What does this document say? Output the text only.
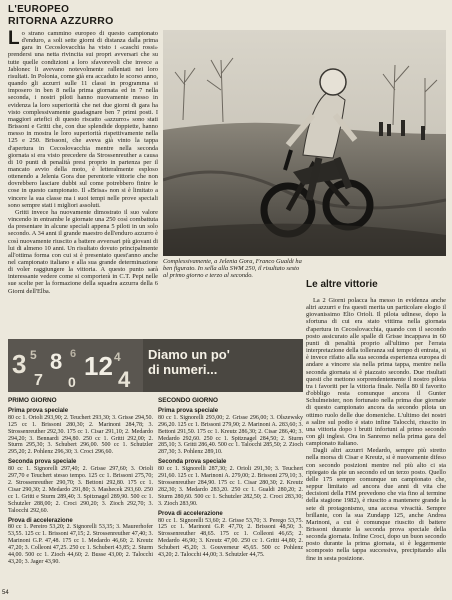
L'EUROPEO
RITORNA AZZURRO
L o strano cammino europeo di questo campionato d'enduro, a soli sette giorni di distanza dalla prima gara in Cecoslovacchia ha visto i «caschi rossi» prendersi una netta rivincita sui propri avversari che su tutte quelle condizioni a loro sfavorevoli che invece a Jablonec li avevano notevolmente rallentati nei loro risultati. In Polonia, come già era accaduto le scorso anno, quando gli azzurri sulle 11 classi in programma si imposero in ben 8 nella prima giornata ed in 7 nella seconda, i nostri piloti hanno nuovamente messo in evidenza la loro superiorità che nei due giorni di gara ha visto complessivamente guadagnare ben 7 primi posti. I maggiori artefici di questo riscatto «azzurro» sono stati Brissoni e Gritti che, con due splendide doppiette, hanno messo in mostra le loro superiorità rispettivamente nella 125 e 250. Brissoni, che aveva già vinto la tappa d'apertura in Cecoslovacchia mentre nella seconda giornata si era visto precedere da Strossenreuther a causa di 10 punti di penalità presi proprio in partenza per il mancato avvio della moto, è letteralmente esploso ottenendo a Jelenia Gora due perentorie vittorie che non dovrebbero lasciare dubbi sul come potrebbero finire le cose in questo campionato. Il «Brisa» non si è limitato a vincere la sua classe ma i suoi tempi nelle prove speciali sono sempre stati i migliori assoluti.

Gritti invece ha nuovamente dimostrato il suo valore vincendo in entrambe le giornate una 250 così combattuta da presentare in alcune speciali appena 5 piloti in un solo secondo. A 34 anni il grande maestro dell'enduro azzurro è così nuovamente riuscito a battere avversari più giovani di lui di almeno 10 anni. Un risultato dovuto principalmente all'ottima forma con cui si è presentato quest'anno anche nel campionato italiano e alla sua grande determinazione di voler raggiungere la vittoria. A questo punto sarà interessante vedere come si comporterà in C.T. Pepi nelle sue scelte per la formazione della squadra azzurra della 6 Giorni dell'Elba.

Complessivamente, a Jelenia Gora, Franco Gualdi ha ben figurato. In sella alla SWM 250, il risultato sesto al primo giorno e terzo al secondo.
Le altre vittorie

La 2 Giorni polacca ha messo in evidenza anche altri azzurri e fra questi merita un particolare elogio il giovanissimo Elio Orioli. Il pilota udinese, dopo la sfortuna di cui era stato vittima nella giornata d'apertura in Cecoslovacchia, quando con il secondo posto assicurato alle spalle di Grisse incappava in 60 punti di penalità proprio all'ultimo per l'errata interpretazione della tolleranza sul tempo di entrata, si è invece rifatto alla sua seconda esperienza europea di andare a vincere sia nella prima tappa, mentre nella seconda giornata si è piazzato secondo. Due risultati questi che mettono sorprendentemente il nostro pilota tra i favoriti per la vittoria finale. Nella 80 il favorito d'obbligo resta comunque ancora il Gunter Schulmeister, non fortunato nella prima due giornate di questo campionato ancora da secondo pilota un ottimo ruolo delle due domeniche. L'ultimo dei nostri a salire sul podio è stato infine Talocchi, riuscito in una vittoria dopo i brutti infortuni al primo secondo con gli inglesi. Ora in Sanremo nella prima gara del campionato italiano.

Dagli altri azzurri Medardo, sempre più stretto nella morsa di Cisar e Kreutz, si è nuovamente difeso con secondo posizioni mentre nel più alto ci sta ripiegato da pie un secondo ed un terzo posto. Quello delle 175 sempre comunque un campionato che, seppur limitato ad ancora due anni di vita che decisioni della FIM prevedono che via fino al termine della stagione 1982), è riuscito a mantenere grande la sete di protagonismo, una accesa vivacità. Sempre brillante, con la sua Zundapp 125, anche Andrea Marinoni, a cui è comunque riuscito di battere Brissoni durante la seconda prova speciale della seconda giornata. Infine Croci, dopo un buon secondo posto durante la prima giornata, si è leggermente scomposto nella tappa successiva, precipitando alla fine in sesta posizione.

3 5
7
8 6
0
12 4
4
Diamo un po'
di numeri...
PRIMO GIORNO
Prima prova speciale
80 cc 1. Orioli 293,90; 2. Teuchert 293,30; 3. Grisse 294,50. 125 cc 1. Brissoni 280,30; 2. Marinoni 284,78; 3. Strossenreuther 292,30. 175 cc 1. Cisar 291,10; 2. Medardo 294,20; 3. Bennardi 294,80. 250 cc 1. Gritti 292,00; 2. Sturm 295,30; 3. Schubert 296,00. 500 cc 1. Schutzler 295,20; 2. Pohlenz 296,30; 3. Croci 296,60.
Seconda prova speciale
80 cc 1. Signorelli 297,40; 2. Grisse 297,60; 3. Orioli 297,70 e Teuchert stesso tempo. 125 cc 1. Brissoni 275,70; 2. Strossenreuther 290,70; 3. Bettoni 292,80. 175 cc 1. Cisar 290,30; 2. Medardo 291,80; 3. Mashecek 293,60. 250 cc 1. Gritti e Sturm 289,40; 3. Spitznagel 289,90. 500 cc 1. Schutzler 288,00; 2. Croci 290,20; 3. Zioch 292,70; 3. Talocchi 292,60.
Prova di accelerazione
80 cc 1. Pereiro 53,20; 2. Signorelli 53,35; 3. Maurerhofer 53,55. 125 cc 1. Brissoni 47,15; 2. Strossenreuther 47,40; 3. Marinoni G.P. 47,48. 175 cc 1. Medardo 46,60; 2. Kreutz 47,20; 3. Colleoni 47,25. 250 cc 1. Schubert 43,85; 2. Sturm 44,00. 500 cc 1. Zioch 44,60; 2. Busse 43,00; 2. Talocchi 43,20; 3. Jager 43,90.
SECONDO GIORNO
Prima prova speciale
80 cc 1. Signorelli 293,00; 2. Grisse 296,00; 3. Olszewsky 296,20. 125 cc 1. Brissoni 279,90; 2. Marinoni A. 283,60; 3. Bettoni 291,50. 175 cc 1. Kreutz 286,30; 2. Cisar 286,40; 3. Medardo 292,60. 250 cc 1. Spitznagel 284,50; 2. Sturm 285,10; 3. Gritti 286,40. 500 cc 1. Talocchi 285,50; 2. Zioch 287,30; 3. Pohlenz 289,10.
Seconda prova speciale
80 cc 1. Signorelli 287,30; 2. Orioli 291,30; 3. Teuchert 291,60. 125 cc 1. Marinoni A. 279,00; 2. Brissoni 279,10; 3. Strossenreuther 284,90. 175 cc 1. Cisar 280,30; 2. Kreutz 282,30; 3. Medardo 283,20. 250 cc 1. Gualdi 280,20; 2. Sturm 280,60. 500 cc 1. Schutzler 282,50; 2. Croci 283,30; 3. Zioch 283,90.
Prova di accelerazione
80 cc 1. Signorelli 53,60; 2. Grisse 53,70; 3. Perego 53,75. 125 cc 1. Marinoni G.P. 47,70; 2. Brissoni 48,50; 3. Strossenreuther 48,65. 175 cc 1. Colleoni 46,65; 2. Medardo 46,90; 3. Kreutz 47,00. 250 cc 1. Gritti 44,80; 2. Schubert 45,20; 3. Gouverneur 45,65. 500 cc Pohlenz 43,20; 2. Talocchi 44,00; 3. Schutzler 44,75.
54
